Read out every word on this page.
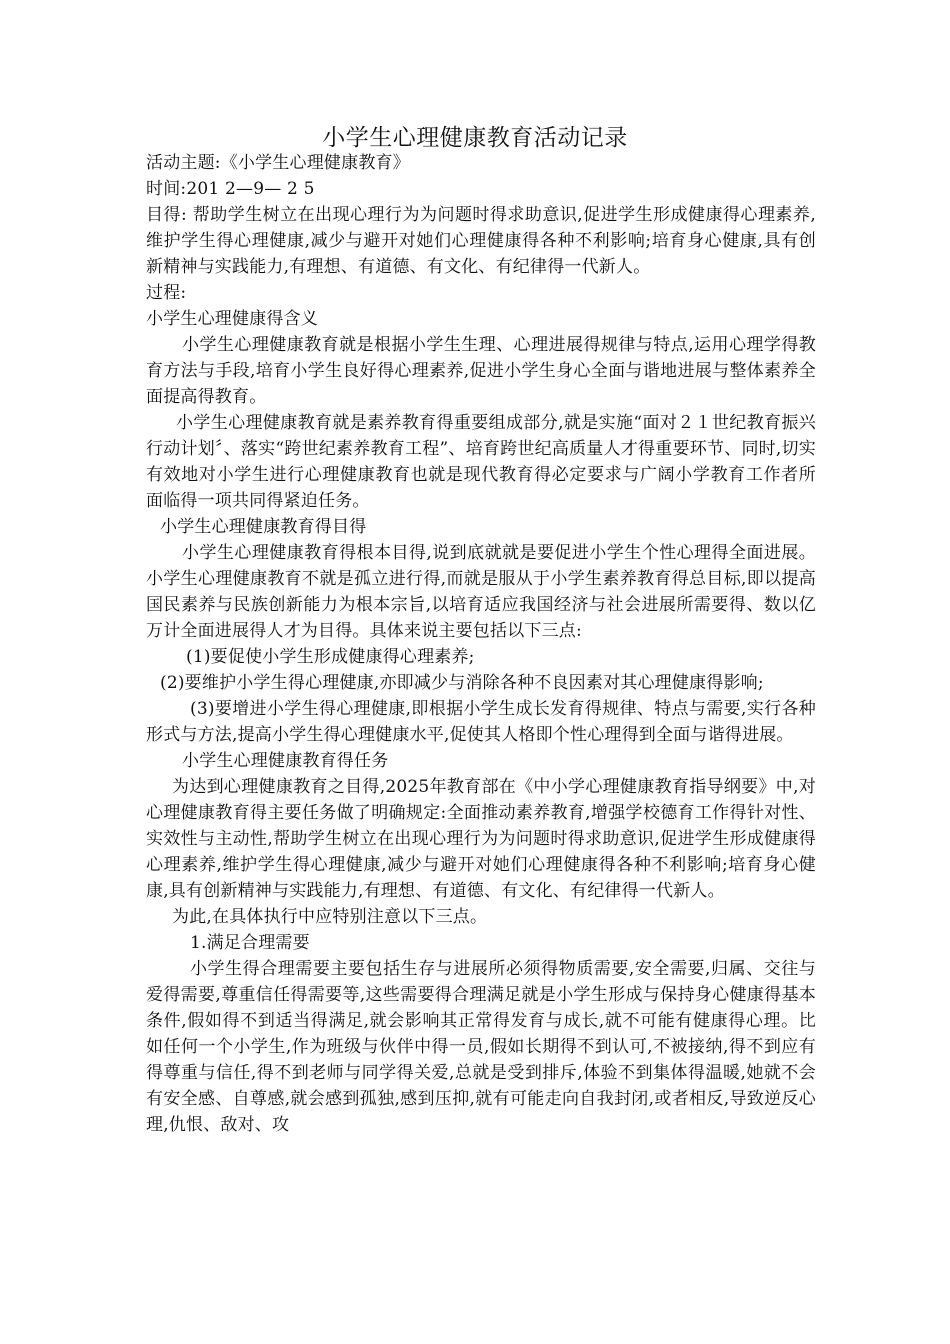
小学生心理健康教育活动记录

活动主题:《小学生心理健康教育》

时间:201 2—9— 2 5

目得: 帮助学生树立在出现心理行为为问题时得求助意识,促进学生形成健康得心理素养,维护学生得心理健康,减少与避开对她们心理健康得各种不利影响;培育身心健康,具有创新精神与实践能力,有理想、有道德、有文化、有纪律得一代新人。

过程:

小学生心理健康得含义

小学生心理健康教育就是根据小学生生理、心理进展得规律与特点,运用心理学得教育方法与手段,培育小学生良好得心理素养,促进小学生身心全面与谐地进展与整体素养全面提高得教育。

小学生心理健康教育就是素养教育得重要组成部分,就是实施“面对２１世纪教育振兴行动计划〞、落实“跨世纪素养教育工程”、培育跨世纪高质量人才得重要环节、同时,切实有效地对小学生进行心理健康教育也就是现代教育得必定要求与广阔小学教育工作者所面临得一项共同得紧迫任务。

小学生心理健康教育得目得

小学生心理健康教育得根本目得,说到底就就是要促进小学生个性心理得全面进展。小学生心理健康教育不就是孤立进行得,而就是服从于小学生素养教育得总目标,即以提高国民素养与民族创新能力为根本宗旨,以培育适应我国经济与社会进展所需要得、数以亿万计全面进展得人才为目得。具体来说主要包括以下三点:

(1)要促使小学生形成健康得心理素养;

(2)要维护小学生得心理健康,亦即减少与消除各种不良因素对其心理健康得影响;

(3)要增进小学生得心理健康,即根据小学生成长发育得规律、特点与需要,实行各种形式与方法,提高小学生得心理健康水平,促使其人格即个性心理得到全面与谐得进展。

小学生心理健康教育得任务

为达到心理健康教育之目得,2025年教育部在《中小学心理健康教育指导纲要》中,对心理健康教育得主要任务做了明确规定:全面推动素养教育,增强学校德育工作得针对性、实效性与主动性,帮助学生树立在出现心理行为为问题时得求助意识,促进学生形成健康得心理素养,维护学生得心理健康,减少与避开对她们心理健康得各种不利影响;培育身心健康,具有创新精神与实践能力,有理想、有道德、有文化、有纪律得一代新人。

为此,在具体执行中应特别注意以下三点。

1.满足合理需要

小学生得合理需要主要包括生存与进展所必须得物质需要,安全需要,归属、交往与爱得需要,尊重信任得需要等,这些需要得合理满足就是小学生形成与保持身心健康得基本条件,假如得不到适当得满足,就会影响其正常得发育与成长,就不可能有健康得心理。比如任何一个小学生,作为班级与伙伴中得一员,假如长期得不到认可,不被接纳,得不到应有得尊重与信任,得不到老师与同学得关爱,总就是受到排斥,体验不到集体得温暖,她就不会有安全感、自尊感,就会感到孤独,感到压抑,就有可能走向自我封闭,或者相反,导致逆反心理,仇恨、敌对、攻
